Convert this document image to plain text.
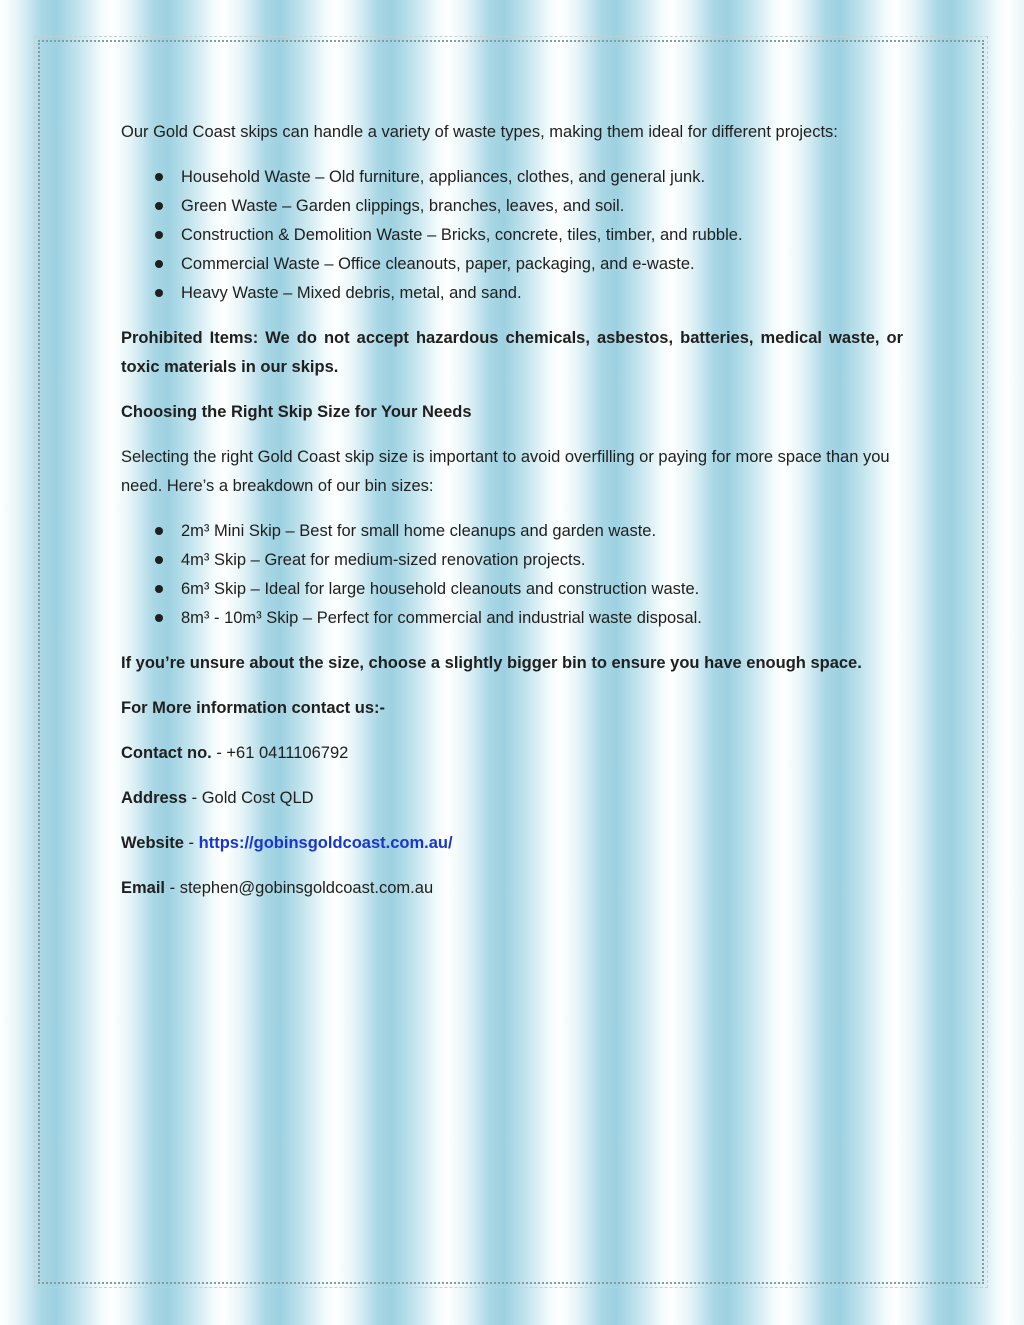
Our Gold Coast skips can handle a variety of waste types, making them ideal for different projects:

Household Waste – Old furniture, appliances, clothes, and general junk.
Green Waste – Garden clippings, branches, leaves, and soil.
Construction & Demolition Waste – Bricks, concrete, tiles, timber, and rubble.
Commercial Waste – Office cleanouts, paper, packaging, and e-waste.
Heavy Waste – Mixed debris, metal, and sand.

Prohibited Items: We do not accept hazardous chemicals, asbestos, batteries, medical waste, or toxic materials in our skips.

Choosing the Right Skip Size for Your Needs

Selecting the right Gold Coast skip size is important to avoid overfilling or paying for more space than you need. Here’s a breakdown of our bin sizes:

2m³ Mini Skip – Best for small home cleanups and garden waste.
4m³ Skip – Great for medium-sized renovation projects.
6m³ Skip – Ideal for large household cleanouts and construction waste.
8m³ - 10m³ Skip – Perfect for commercial and industrial waste disposal.

If you’re unsure about the size, choose a slightly bigger bin to ensure you have enough space.

For More information contact us:-

Contact no. - +61 0411106792

Address - Gold Cost QLD

Website - https://gobinsgoldcoast.com.au/

Email - stephen@gobinsgoldcoast.com.au
